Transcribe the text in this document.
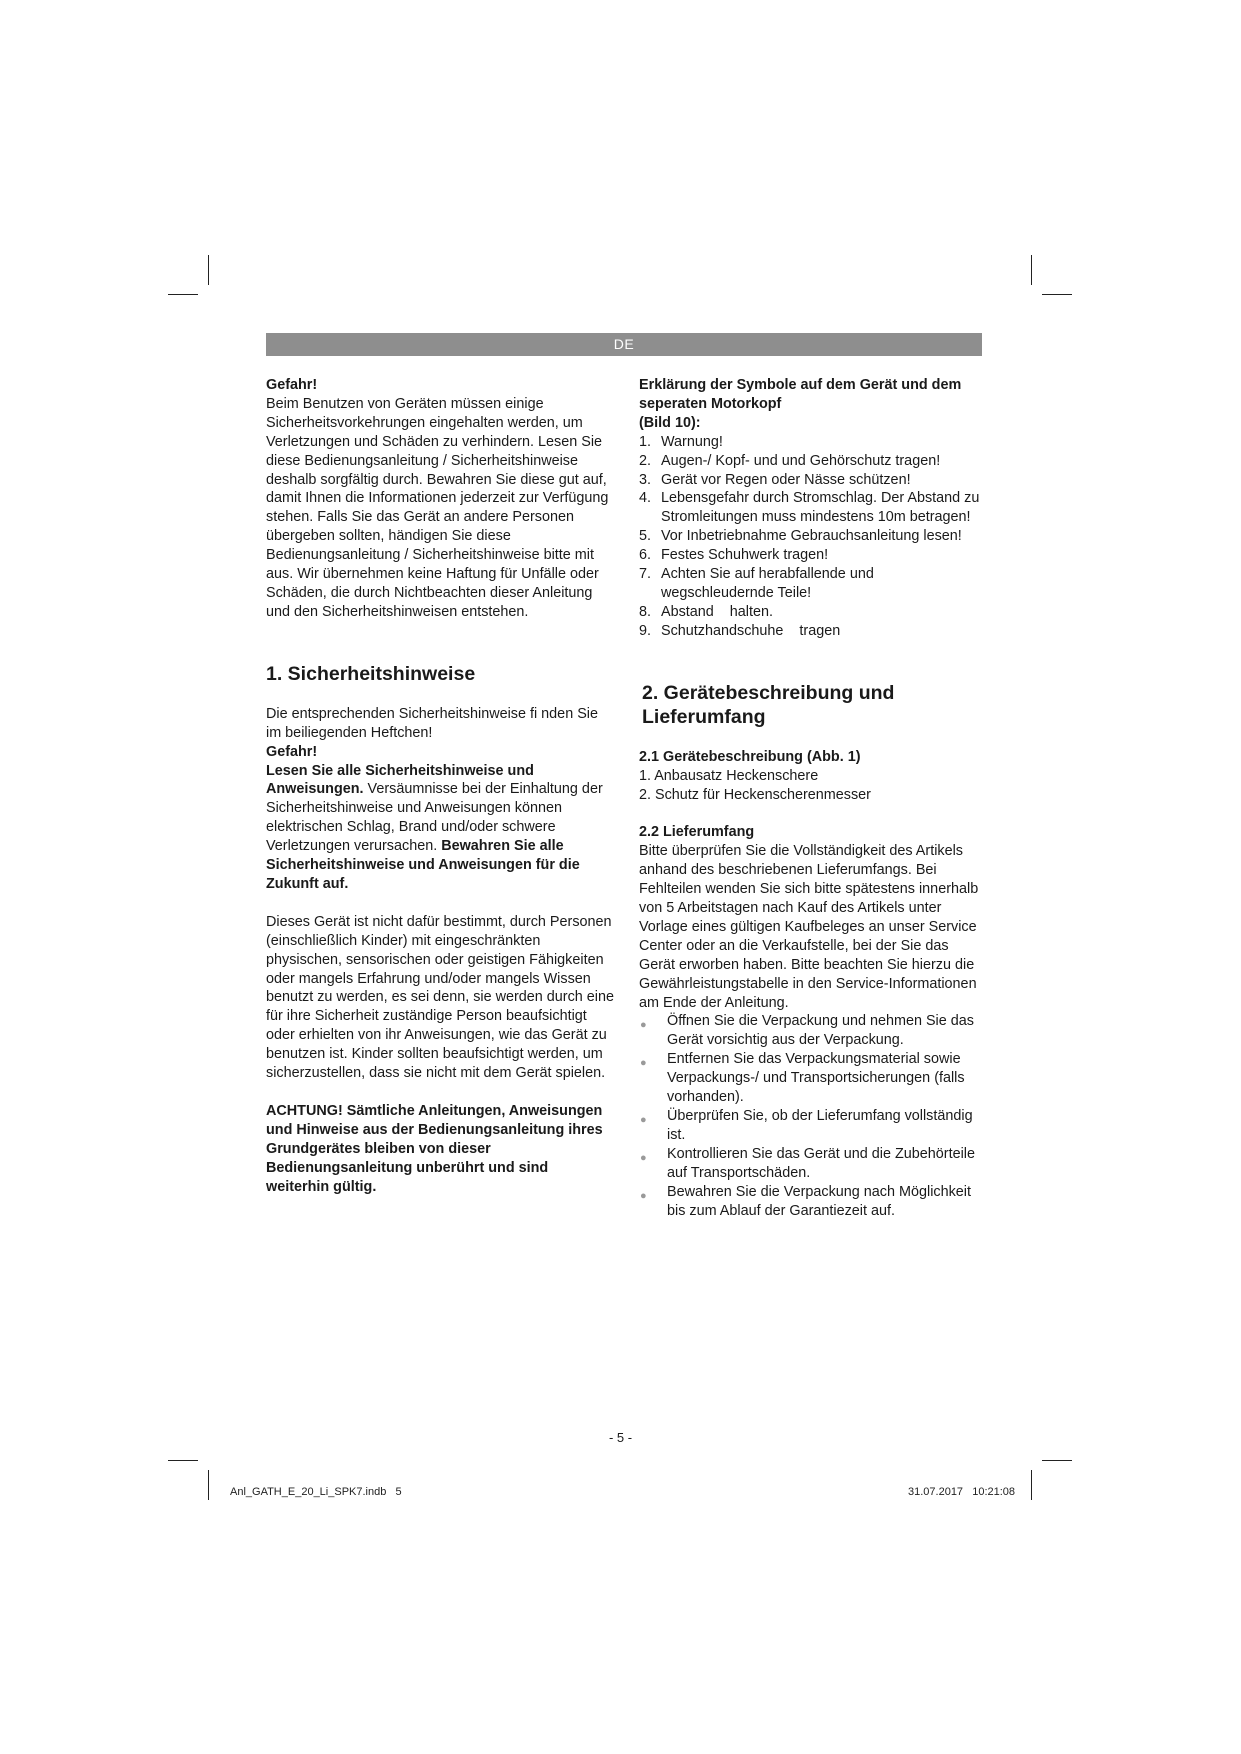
DE

Gefahr!

Beim Benutzen von Geräten müssen einige Sicherheitsvorkehrungen eingehalten werden, um Verletzungen und Schäden zu verhindern. Lesen Sie diese Bedienungsanleitung / Sicherheitshinweise deshalb sorgfältig durch. Bewahren Sie diese gut auf, damit Ihnen die Informationen jederzeit zur Verfügung stehen. Falls Sie das Gerät an andere Personen übergeben sollten, händigen Sie diese Bedienungsanleitung / Sicherheitshinweise bitte mit aus. Wir übernehmen keine Haftung für Unfälle oder Schäden, die durch Nichtbeachten dieser Anleitung und den Sicherheitshinweisen entstehen.

1. Sicherheitshinweise

Die entsprechenden Sicherheitshinweise fi nden Sie im beiliegenden Heftchen!

Gefahr!

Lesen Sie alle Sicherheitshinweise und Anweisungen. Versäumnisse bei der Einhaltung der Sicherheitshinweise und Anweisungen können elektrischen Schlag, Brand und/oder schwere Verletzungen verursachen. Bewahren Sie alle Sicherheitshinweise und Anweisungen für die Zukunft auf.

Dieses Gerät ist nicht dafür bestimmt, durch Personen (einschließlich Kinder) mit eingeschränkten physischen, sensorischen oder geistigen Fähigkeiten oder mangels Erfahrung und/oder mangels Wissen benutzt zu werden, es sei denn, sie werden durch eine für ihre Sicherheit zuständige Person beaufsichtigt oder erhielten von ihr Anweisungen, wie das Gerät zu benutzen ist. Kinder sollten beaufsichtigt werden, um sicherzustellen, dass sie nicht mit dem Gerät spielen.

ACHTUNG! Sämtliche Anleitungen, Anweisungen und Hinweise aus der Bedienungsanleitung ihres Grundgerätes bleiben von dieser Bedienungsanleitung unberührt und sind weiterhin gültig.

Erklärung der Symbole auf dem Gerät und dem seperaten Motorkopf

(Bild 10):

1. Warnung!
2. Augen-/ Kopf- und und Gehörschutz tragen!
3. Gerät vor Regen oder Nässe schützen!
4. Lebensgefahr durch Stromschlag. Der Abstand zu Stromleitungen muss mindestens 10m betragen!
5. Vor Inbetriebnahme Gebrauchsanleitung lesen!
6. Festes Schuhwerk tragen!
7. Achten Sie auf herabfallende und wegschleudernde Teile!
8. Abstand    halten.
9. Schutzhandschuhe    tragen

2. Gerätebeschreibung und Lieferumfang

2.1 Gerätebeschreibung (Abb. 1)

1. Anbausatz Heckenschere

2. Schutz für Heckenscherenmesser

2.2 Lieferumfang

Bitte überprüfen Sie die Vollständigkeit des Artikels anhand des beschriebenen Lieferumfangs. Bei Fehlteilen wenden Sie sich bitte spätestens innerhalb von 5 Arbeitstagen nach Kauf des Artikels unter Vorlage eines gültigen Kaufbeleges an unser Service Center oder an die Verkaufstelle, bei der Sie das Gerät erworben haben. Bitte beachten Sie hierzu die Gewährleistungstabelle in den Service-Informationen am Ende der Anleitung.

● Öffnen Sie die Verpackung und nehmen Sie das Gerät vorsichtig aus der Verpackung.
● Entfernen Sie das Verpackungsmaterial sowie Verpackungs-/ und Transportsicherungen (falls vorhanden).
● Überprüfen Sie, ob der Lieferumfang vollständig ist.
● Kontrollieren Sie das Gerät und die Zubehörteile auf Transportschäden.
● Bewahren Sie die Verpackung nach Möglichkeit bis zum Ablauf der Garantiezeit auf.
- 5 -
Anl_GATH_E_20_Li_SPK7.indb   5	31.07.2017   10:21:08
